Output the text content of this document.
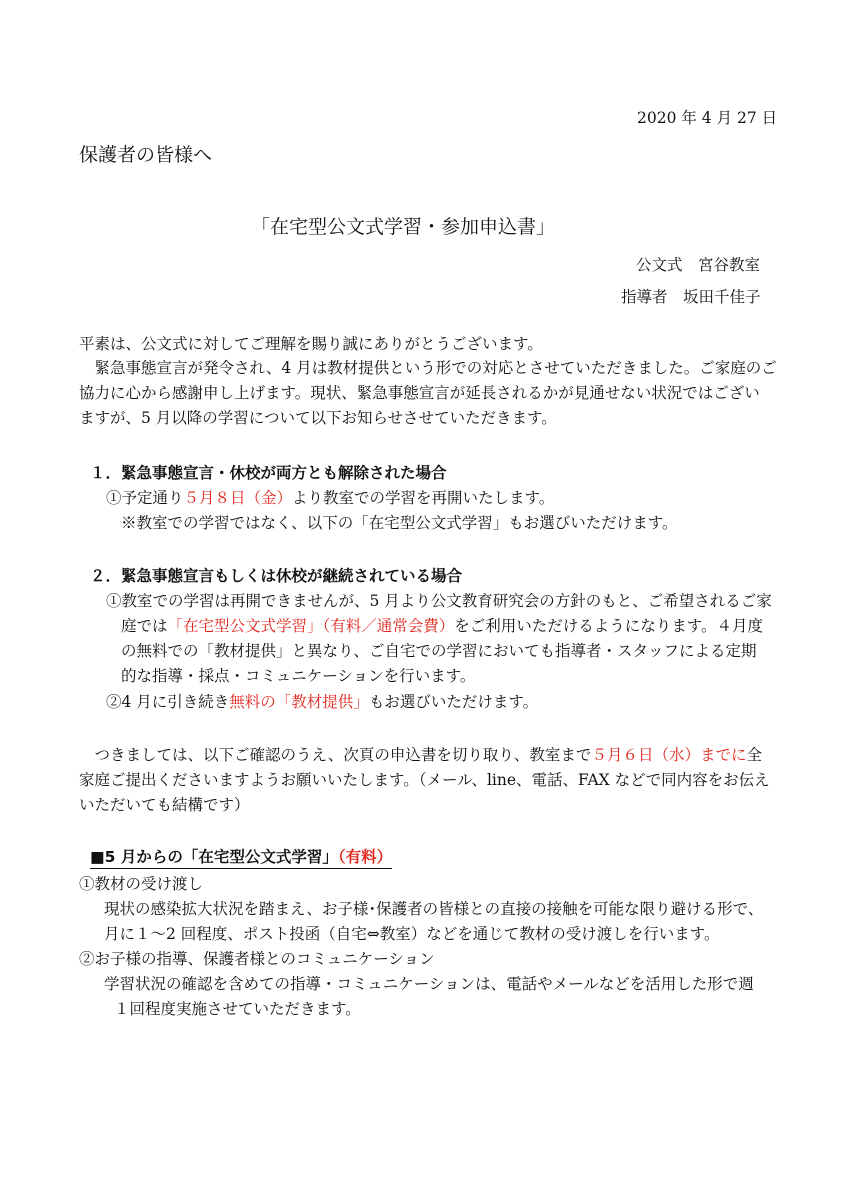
2020 年 4 月 27 日
保護者の皆様へ
「在宅型公文式学習・参加申込書」
公文式　宮谷教室
指導者　坂田千佳子
平素は、公文式に対してご理解を賜り誠にありがとうございます。
　緊急事態宣言が発令され、4 月は教材提供という形での対応とさせていただきました。ご家庭のご
協力に心から感謝申し上げます。現状、緊急事態宣言が延長されるかが見通せない状況ではござい
ますが、5 月以降の学習について以下お知らせさせていただきます。
１．緊急事態宣言・休校が両方とも解除された場合
①予定通り５月８日（金）より教室での学習を再開いたします。
※教室での学習ではなく、以下の「在宅型公文式学習」もお選びいただけます。
２．緊急事態宣言もしくは休校が継続されている場合
①教室での学習は再開できませんが、5 月より公文教育研究会の方針のもと、ご希望されるご家
庭では「在宅型公文式学習」（有料／通常会費）をご利用いただけるようになります。４月度
の無料での「教材提供」と異なり、ご自宅での学習においても指導者・スタッフによる定期
的な指導・採点・コミュニケーションを行います。
②4 月に引き続き無料の「教材提供」もお選びいただけます。
　つきましては、以下ご確認のうえ、次頁の申込書を切り取り、教室まで５月６日（水）までに全
家庭ご提出くださいますようお願いいたします。（メール、line、電話、FAX などで同内容をお伝え
いただいても結構です）
■5 月からの「在宅型公文式学習」（有料）
①教材の受け渡し
現状の感染拡大状況を踏まえ、お子様･保護者の皆様との直接の接触を可能な限り避ける形で、
月に１～2 回程度、ポスト投函（自宅⇔教室）などを通じて教材の受け渡しを行います。
②お子様の指導、保護者様とのコミュニケーション
学習状況の確認を含めての指導・コミュニケーションは、電話やメールなどを活用した形で週
１回程度実施させていただきます。
